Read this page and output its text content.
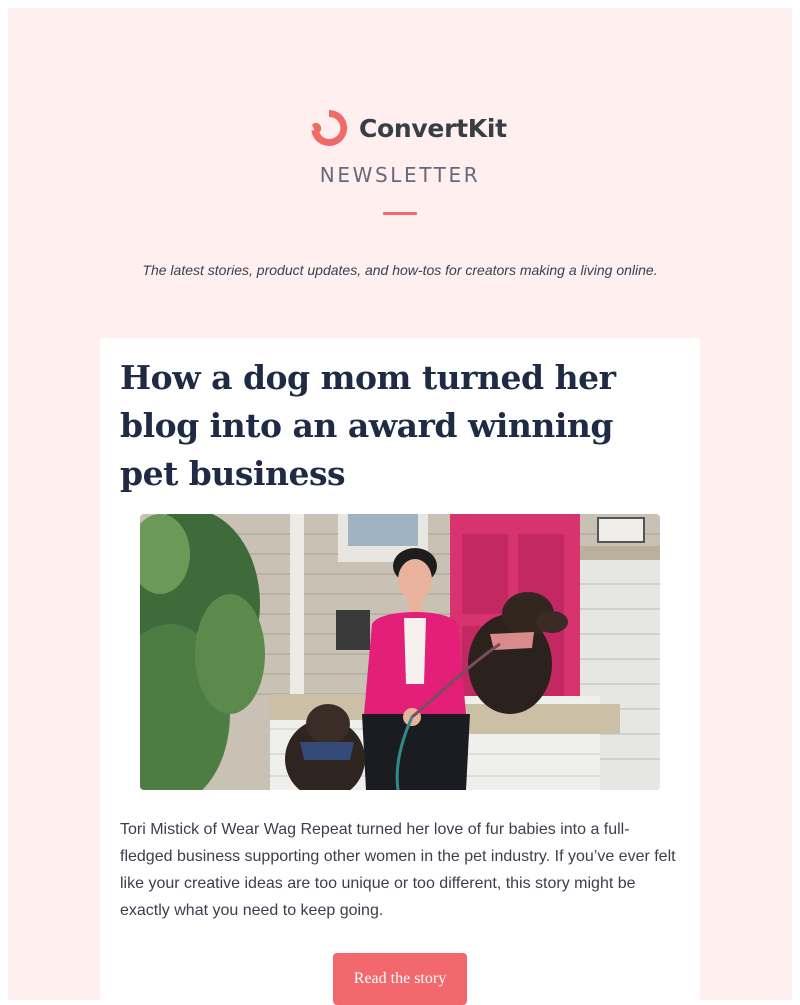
ConvertKit
NEWSLETTER
The latest stories, product updates, and how-tos for creators making a living online.
How a dog mom turned her blog into an award winning pet business

Tori Mistick of Wear Wag Repeat turned her love of fur babies into a full-fledged business supporting other women in the pet industry. If you’ve ever felt like your creative ideas are too unique or too different, this story might be exactly what you need to keep going.

Read the story
